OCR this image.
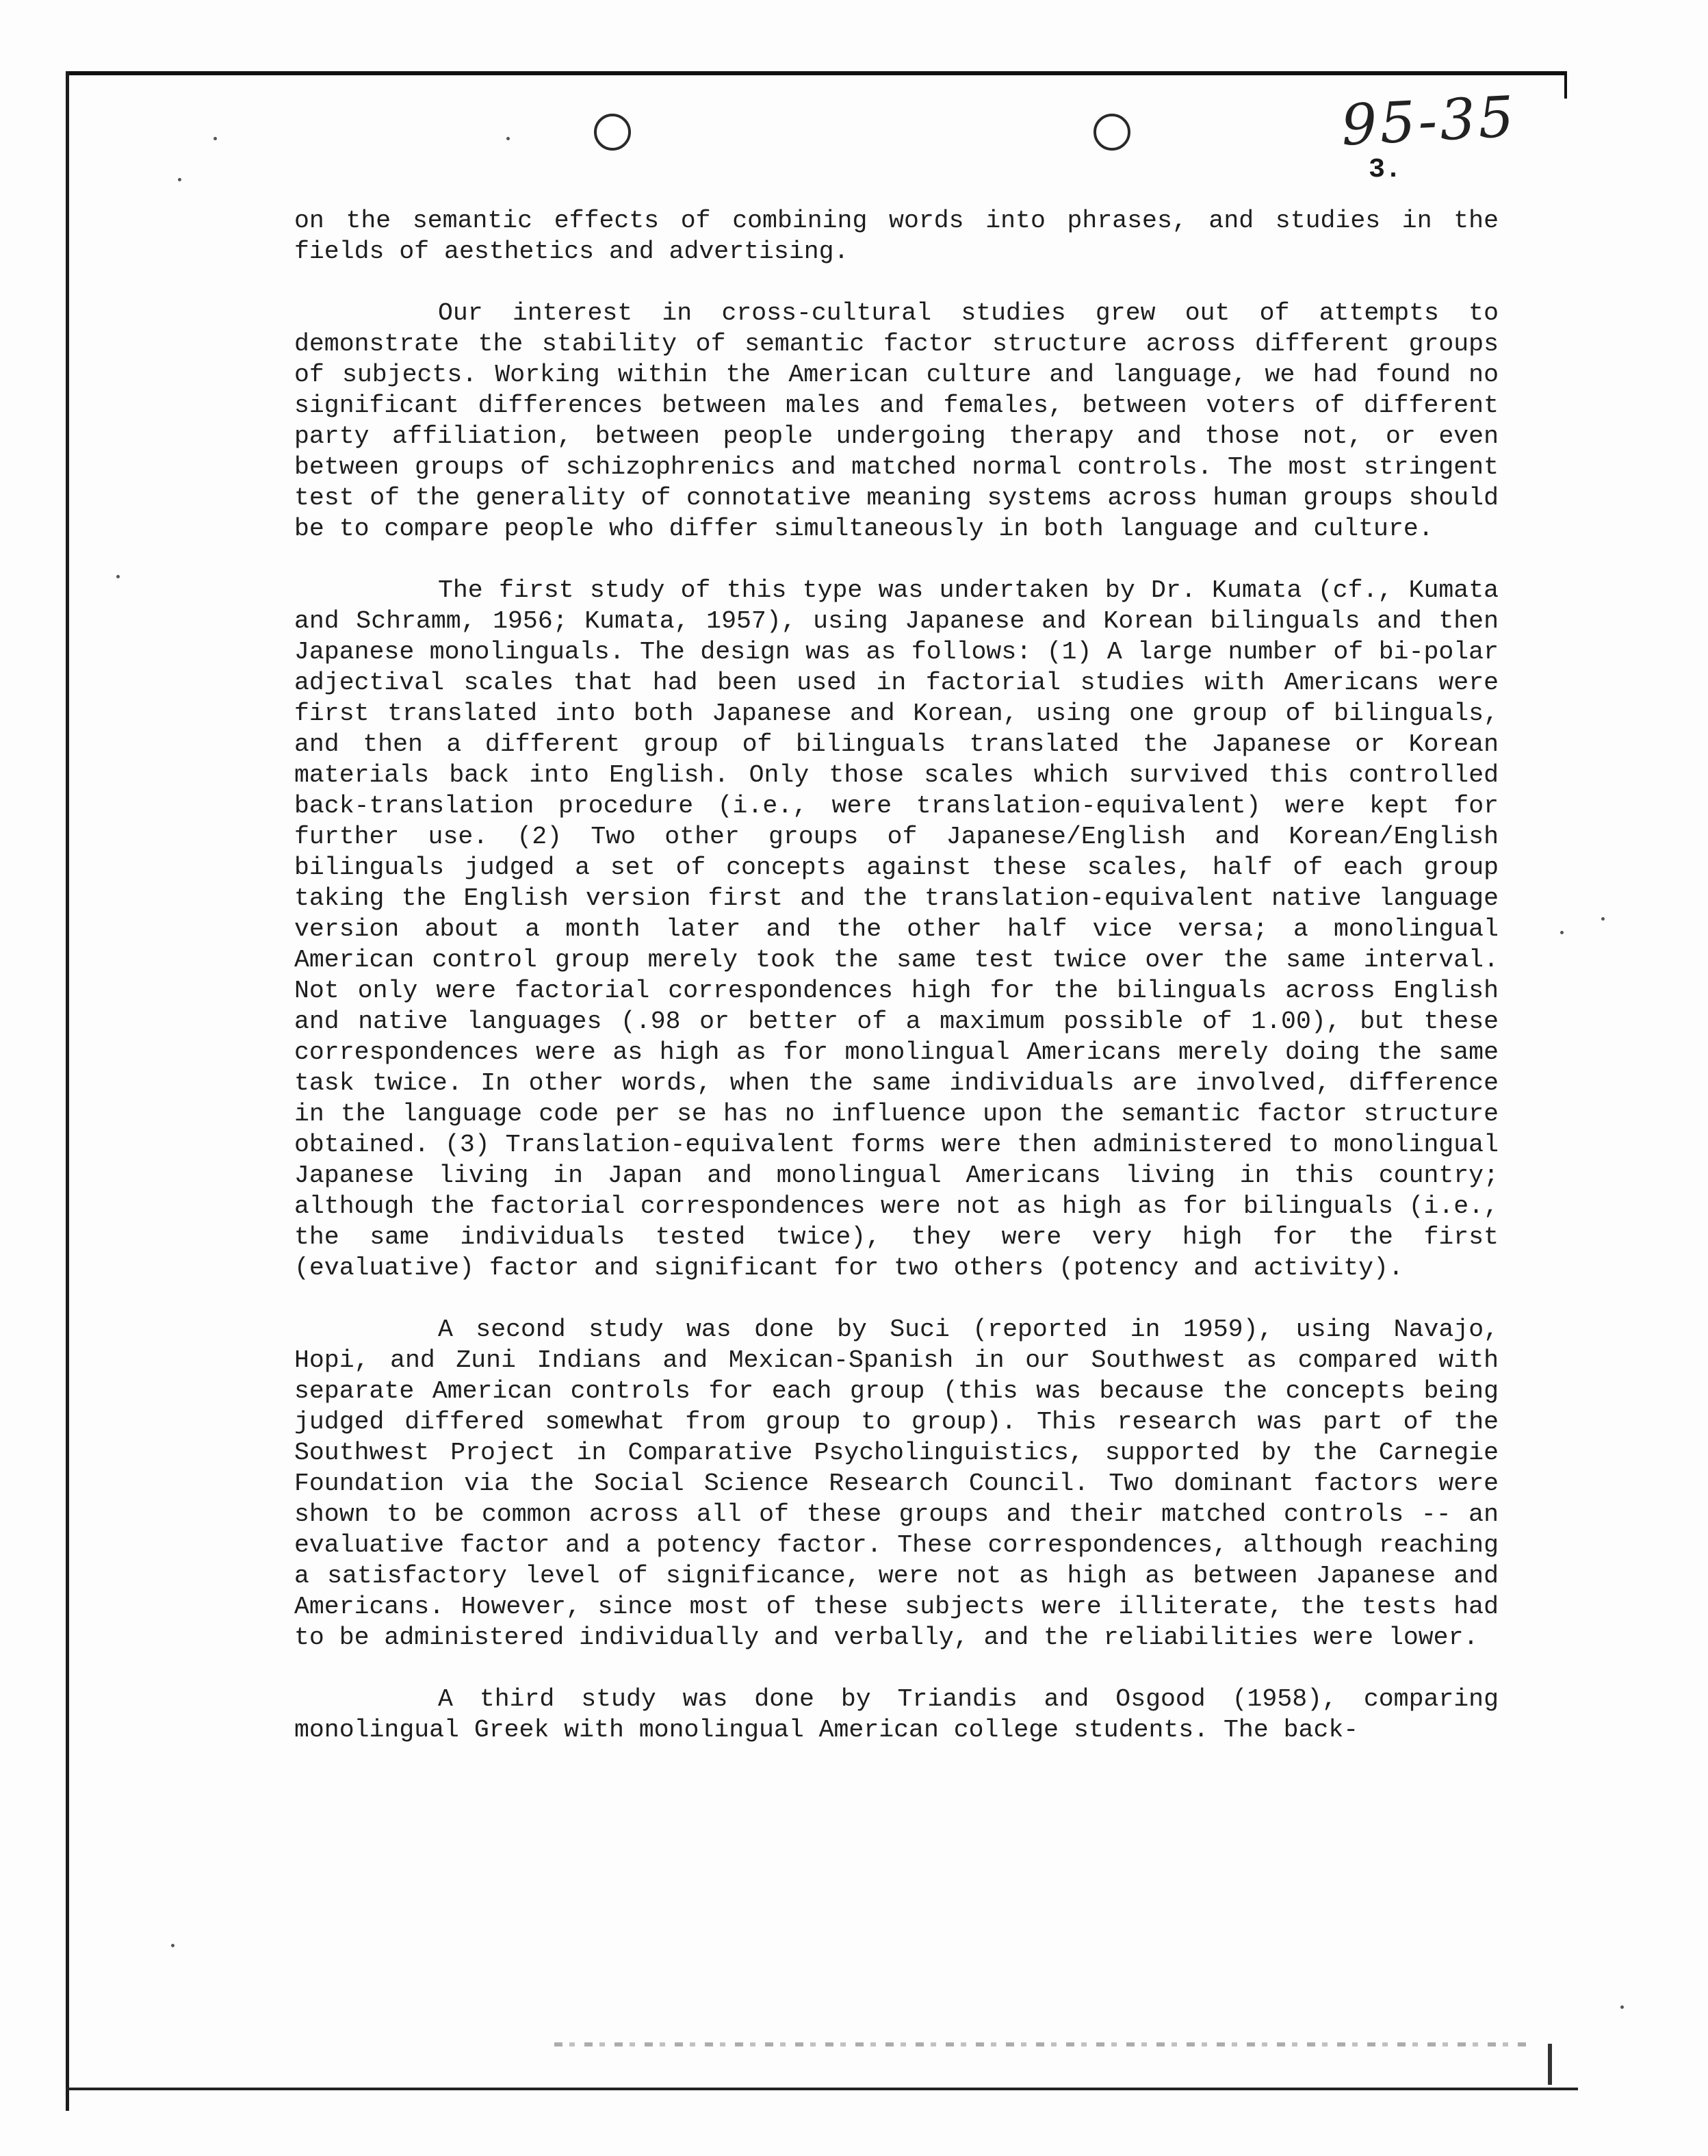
95-35
3.

on the semantic effects of combining words into phrases, and studies in the fields of aesthetics and advertising.

Our interest in cross-cultural studies grew out of attempts to demonstrate the stability of semantic factor structure across different groups of subjects. Working within the American culture and language, we had found no significant differences between males and females, between voters of different party affiliation, between people undergoing therapy and those not, or even between groups of schizophrenics and matched normal controls. The most stringent test of the generality of connotative meaning systems across human groups should be to compare people who differ simultaneously in both language and culture.

The first study of this type was undertaken by Dr. Kumata (cf., Kumata and Schramm, 1956; Kumata, 1957), using Japanese and Korean bilinguals and then Japanese monolinguals. The design was as follows: (1) A large number of bi-polar adjectival scales that had been used in factorial studies with Americans were first translated into both Japanese and Korean, using one group of bilinguals, and then a different group of bilinguals translated the Japanese or Korean materials back into English. Only those scales which survived this controlled back-translation procedure (i.e., were translation-equivalent) were kept for further use. (2) Two other groups of Japanese/English and Korean/English bilinguals judged a set of concepts against these scales, half of each group taking the English version first and the translation-equivalent native language version about a month later and the other half vice versa; a monolingual American control group merely took the same test twice over the same interval. Not only were factorial correspondences high for the bilinguals across English and native languages (.98 or better of a maximum possible of 1.00), but these correspondences were as high as for monolingual Americans merely doing the same task twice. In other words, when the same individuals are involved, difference in the language code per se has no influence upon the semantic factor structure obtained. (3) Translation-equivalent forms were then administered to monolingual Japanese living in Japan and monolingual Americans living in this country; although the factorial correspondences were not as high as for bilinguals (i.e., the same individuals tested twice), they were very high for the first (evaluative) factor and significant for two others (potency and activity).

A second study was done by Suci (reported in 1959), using Navajo, Hopi, and Zuni Indians and Mexican-Spanish in our Southwest as compared with separate American controls for each group (this was because the concepts being judged differed somewhat from group to group). This research was part of the Southwest Project in Comparative Psycholinguistics, supported by the Carnegie Foundation via the Social Science Research Council. Two dominant factors were shown to be common across all of these groups and their matched controls -- an evaluative factor and a potency factor. These correspondences, although reaching a satisfactory level of significance, were not as high as between Japanese and Americans. However, since most of these subjects were illiterate, the tests had to be administered individually and verbally, and the reliabilities were lower.

A third study was done by Triandis and Osgood (1958), comparing monolingual Greek with monolingual American college students. The back-
